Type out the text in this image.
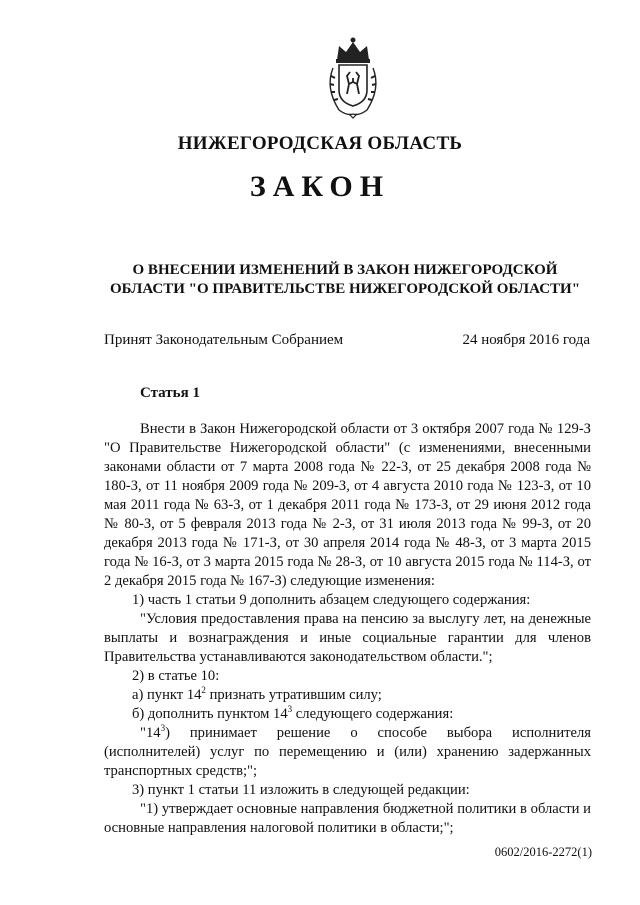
НИЖЕГОРОДСКАЯ ОБЛАСТЬ
ЗАКОН
О ВНЕСЕНИИ ИЗМЕНЕНИЙ В ЗАКОН НИЖЕГОРОДСКОЙ
ОБЛАСТИ "О ПРАВИТЕЛЬСТВЕ НИЖЕГОРОДСКОЙ ОБЛАСТИ"
Принят Законодательным Собранием	24 ноября 2016 года
Статья 1

Внести в Закон Нижегородской области от 3 октября 2007 года № 129-З "О Правительстве Нижегородской области" (с изменениями, внесенными законами области от 7 марта 2008 года № 22-З, от 25 декабря 2008 года № 180-З, от 11 ноября 2009 года № 209-З, от 4 августа 2010 года № 123-З, от 10 мая 2011 года № 63-З, от 1 декабря 2011 года № 173-З, от 29 июня 2012 года № 80-З, от 5 февраля 2013 года № 2-З, от 31 июля 2013 года № 99-З, от 20 декабря 2013 года № 171-З, от 30 апреля 2014 года № 48-З, от 3 марта 2015 года № 16-З, от 3 марта 2015 года № 28-З, от 10 августа 2015 года № 114-З, от 2 декабря 2015 года № 167-З) следующие изменения:

1) часть 1 статьи 9 дополнить абзацем следующего содержания:

"Условия предоставления права на пенсию за выслугу лет, на денежные выплаты и вознаграждения и иные социальные гарантии для членов Правительства устанавливаются законодательством области.";

2) в статье 10:

а) пункт $14^2$ признать утратившим силу;

б) дополнить пунктом $14^3$ следующего содержания:

"$14^3$) принимает решение о способе выбора исполнителя (исполнителей) услуг по перемещению и (или) хранению задержанных транспортных средств;";

3) пункт 1 статьи 11 изложить в следующей редакции:

"1) утверждает основные направления бюджетной политики в области и основные направления налоговой политики в области;";

0602/2016-2272(1)
